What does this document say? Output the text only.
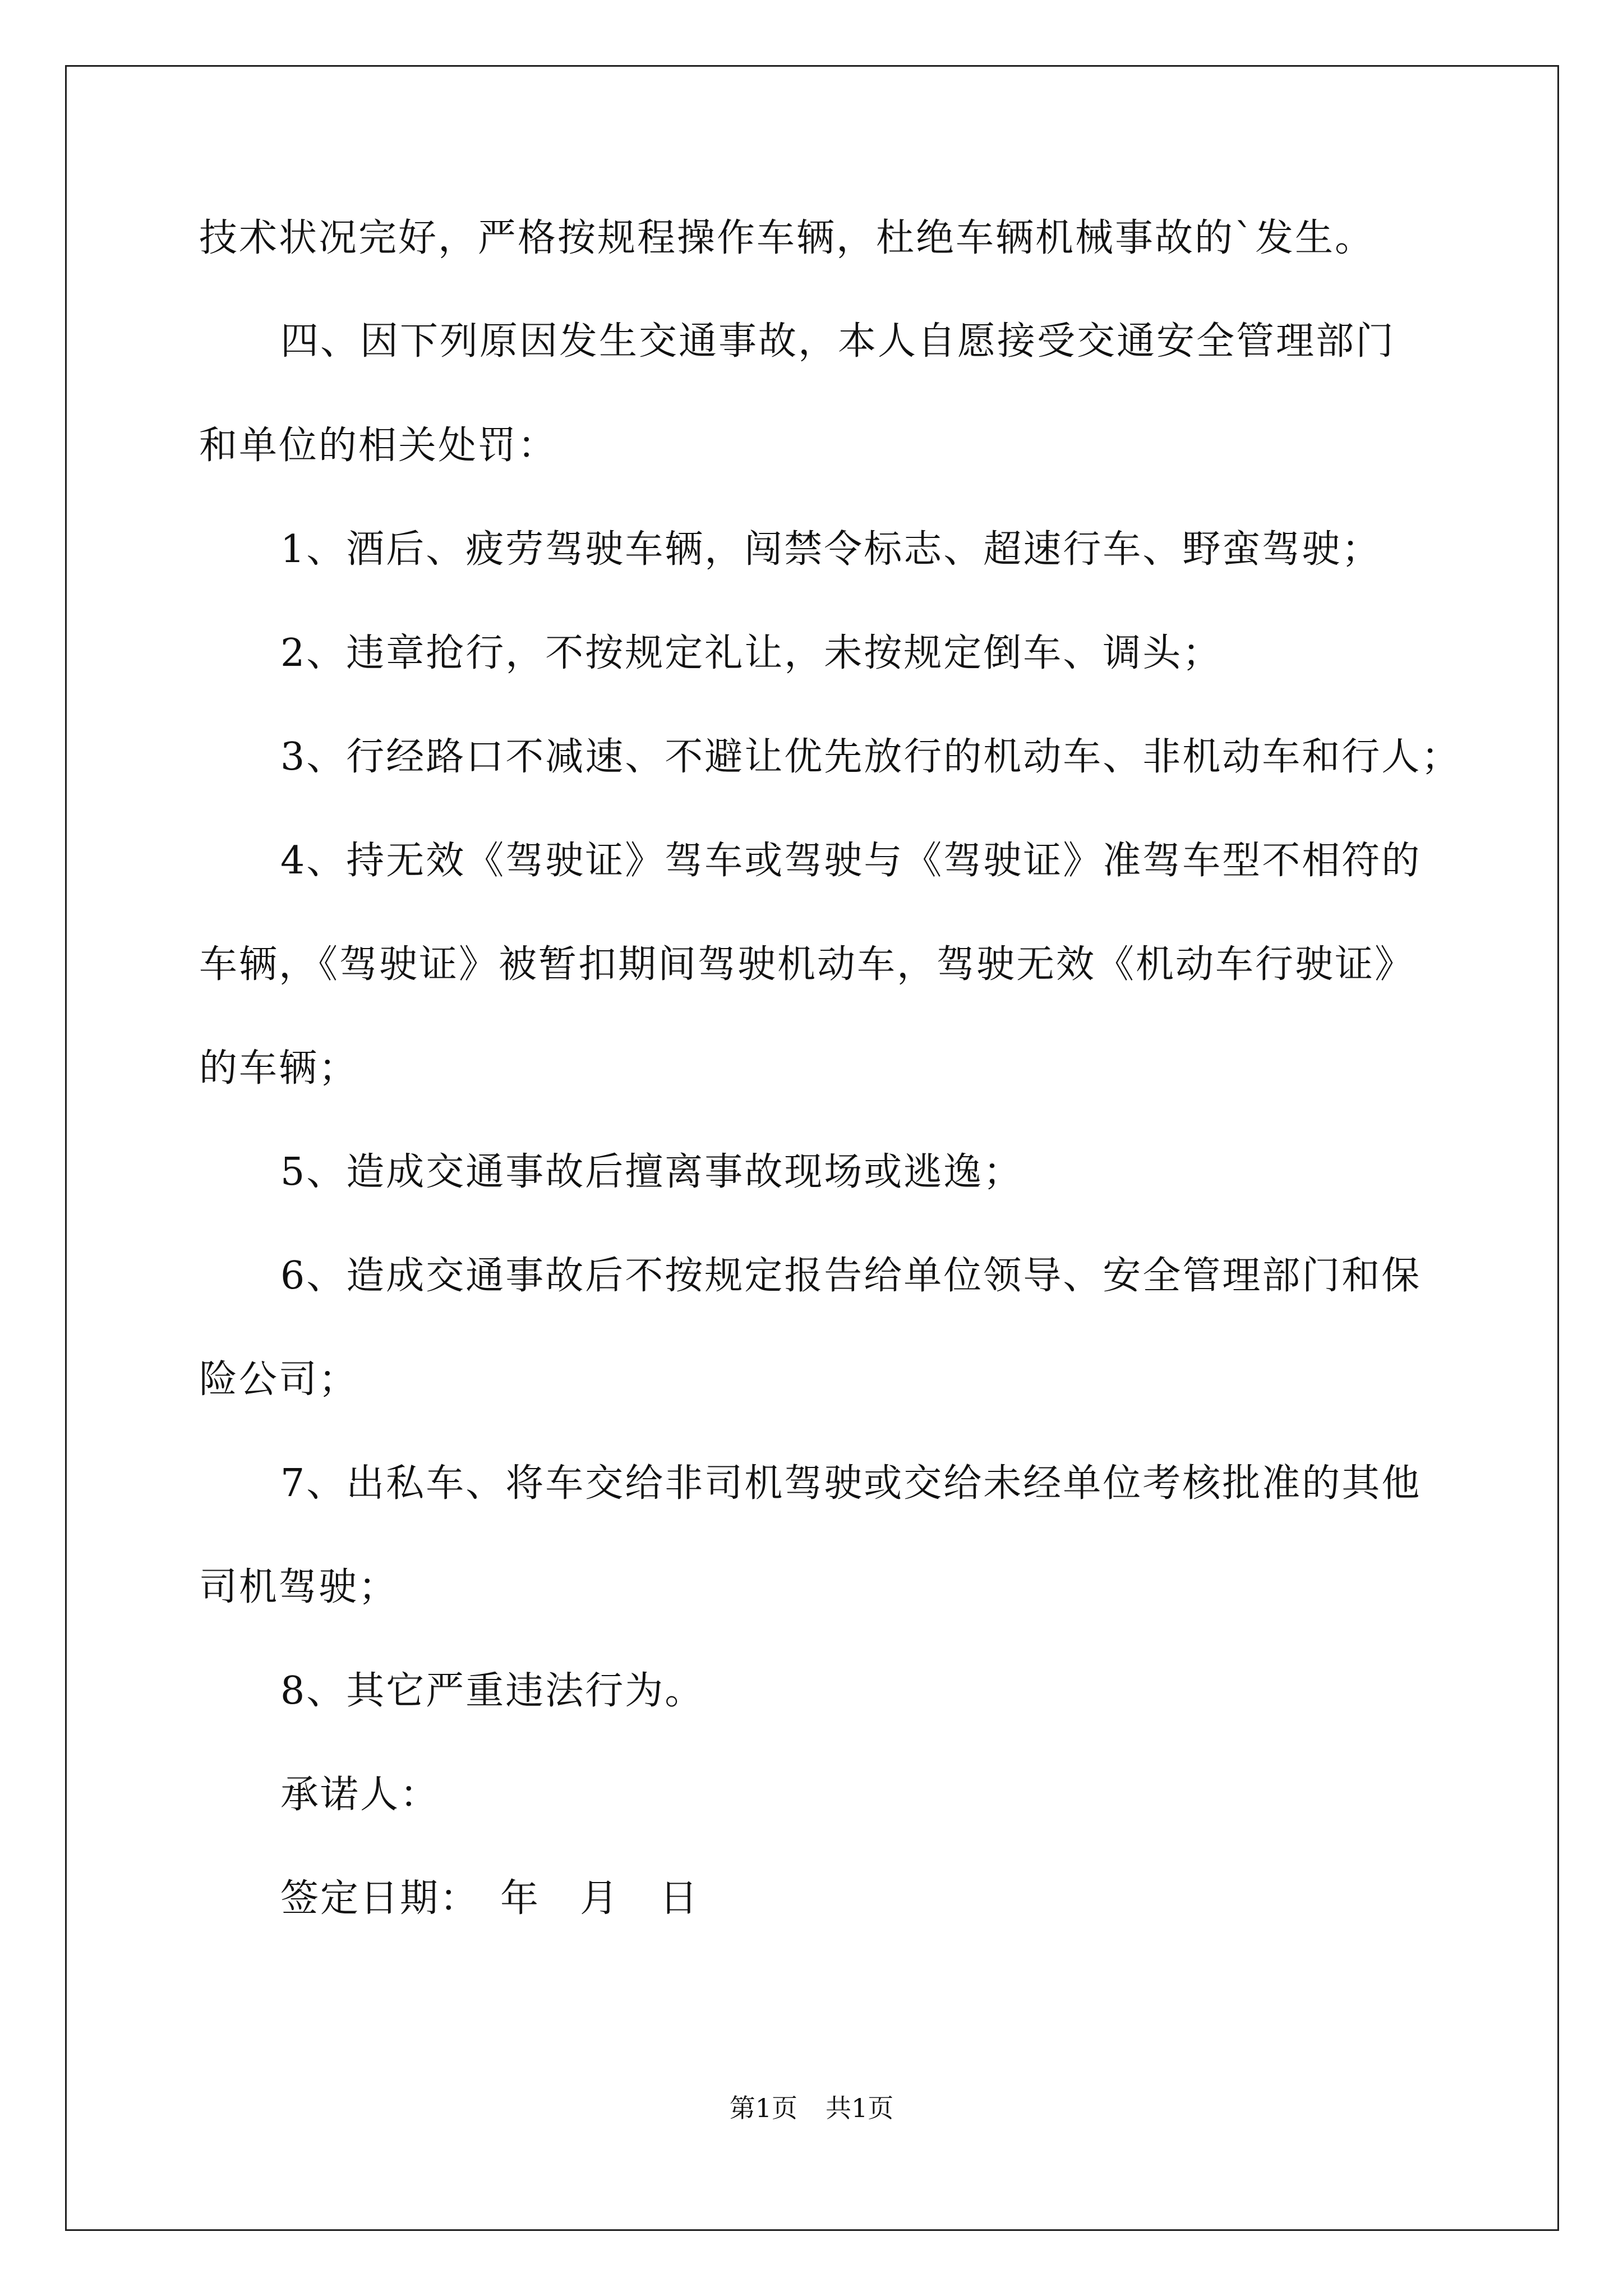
技术状况完好，严格按规程操作车辆，杜绝车辆机械事故的`发生。
四、因下列原因发生交通事故，本人自愿接受交通安全管理部门
和单位的相关处罚：
1、酒后、疲劳驾驶车辆，闯禁令标志、超速行车、野蛮驾驶；
2、违章抢行，不按规定礼让，未按规定倒车、调头；
3、行经路口不减速、不避让优先放行的机动车、非机动车和行人；
4、持无效《驾驶证》驾车或驾驶与《驾驶证》准驾车型不相符的
车辆，《驾驶证》被暂扣期间驾驶机动车，驾驶无效《机动车行驶证》
的车辆；
5、造成交通事故后擅离事故现场或逃逸；
6、造成交通事故后不按规定报告给单位领导、安全管理部门和保
险公司；
7、出私车、将车交给非司机驾驶或交给未经单位考核批准的其他
司机驾驶；
8、其它严重违法行为。
承诺人：
签定日期：　年　月　日
第1页 共1页
